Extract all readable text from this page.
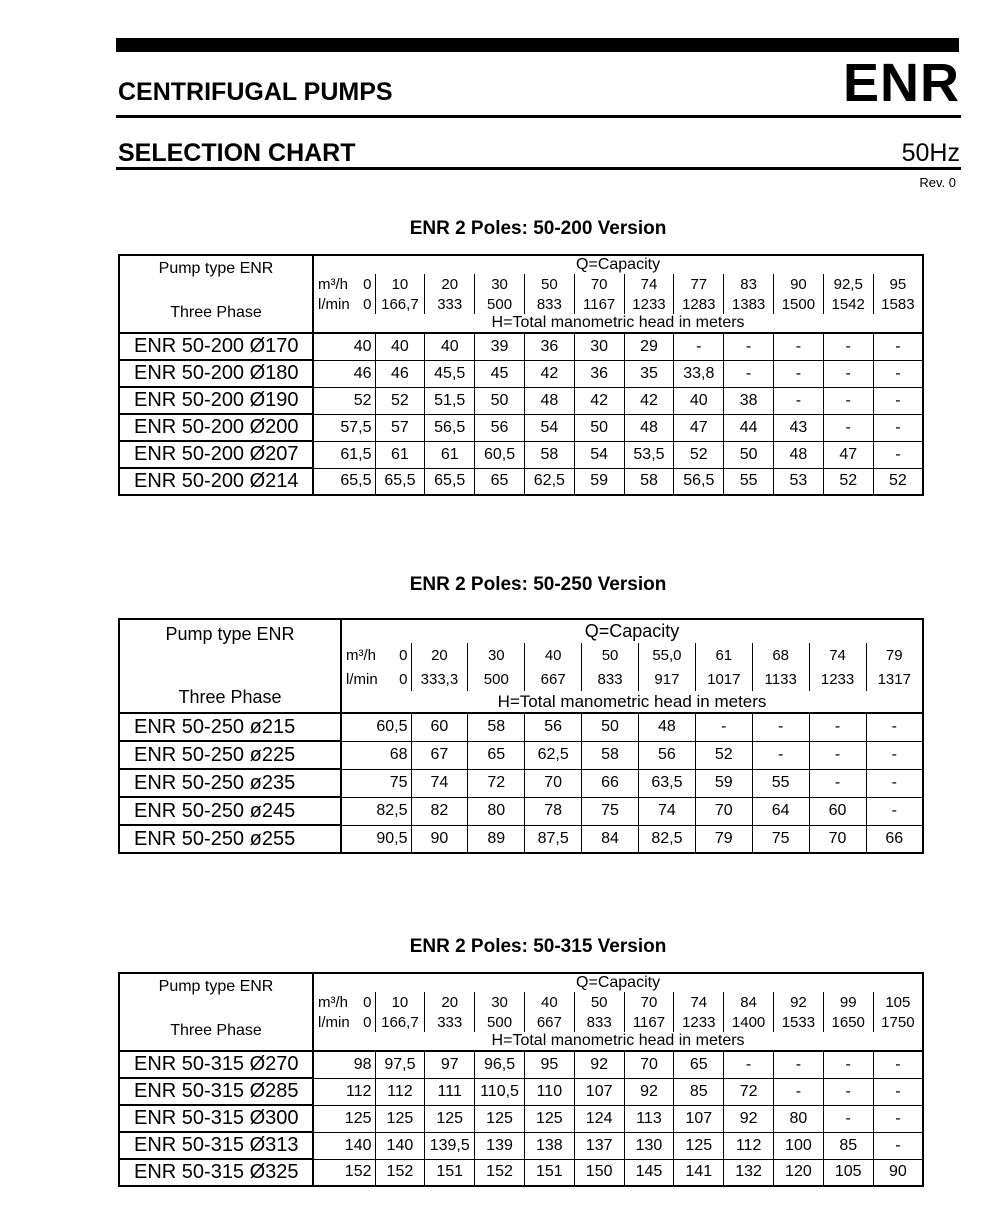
CENTRIFUGAL PUMPS	ENR
SELECTION CHART	50Hz
Rev. 0
ENR 2 Poles: 50-200 Version
Pump type ENR
Three Phase	Q=Capacity											
	m³/h 0	10	20	30	50	70	74	77	83	90	92,5	95
	l/min 0	166,7	333	500	833	1167	1233	1283	1383	1500	1542	1583
	H=Total manometric head in meters											
ENR 50-200 Ø170	40	40	40	39	36	30	29	-	-	-	-	-
ENR 50-200 Ø180	46	46	45,5	45	42	36	35	33,8	-	-	-	-
ENR 50-200 Ø190	52	52	51,5	50	48	42	42	40	38	-	-	-
ENR 50-200 Ø200	57,5	57	56,5	56	54	50	48	47	44	43	-	-
ENR 50-200 Ø207	61,5	61	61	60,5	58	54	53,5	52	50	48	47	-
ENR 50-200 Ø214	65,5	65,5	65,5	65	62,5	59	58	56,5	55	53	52	52
ENR 2 Poles: 50-250 Version
Pump type ENR
Three Phase	Q=Capacity									
	m³/h 0	20	30	40	50	55,0	61	68	74	79
	l/min 0	333,3	500	667	833	917	1017	1133	1233	1317
	H=Total manometric head in meters									
ENR 50-250 ø215	60,5	60	58	56	50	48	-	-	-	-
ENR 50-250 ø225	68	67	65	62,5	58	56	52	-	-	-
ENR 50-250 ø235	75	74	72	70	66	63,5	59	55	-	-
ENR 50-250 ø245	82,5	82	80	78	75	74	70	64	60	-
ENR 50-250 ø255	90,5	90	89	87,5	84	82,5	79	75	70	66
ENR 2 Poles: 50-315 Version
Pump type ENR
Three Phase	Q=Capacity											
	m³/h 0	10	20	30	40	50	70	74	84	92	99	105
	l/min 0	166,7	333	500	667	833	1167	1233	1400	1533	1650	1750
	H=Total manometric head in meters											
ENR 50-315 Ø270	98	97,5	97	96,5	95	92	70	65	-	-	-	-
ENR 50-315 Ø285	112	112	111	110,5	110	107	92	85	72	-	-	-
ENR 50-315 Ø300	125	125	125	125	125	124	113	107	92	80	-	-
ENR 50-315 Ø313	140	140	139,5	139	138	137	130	125	112	100	85	-
ENR 50-315 Ø325	152	152	151	152	151	150	145	141	132	120	105	90
